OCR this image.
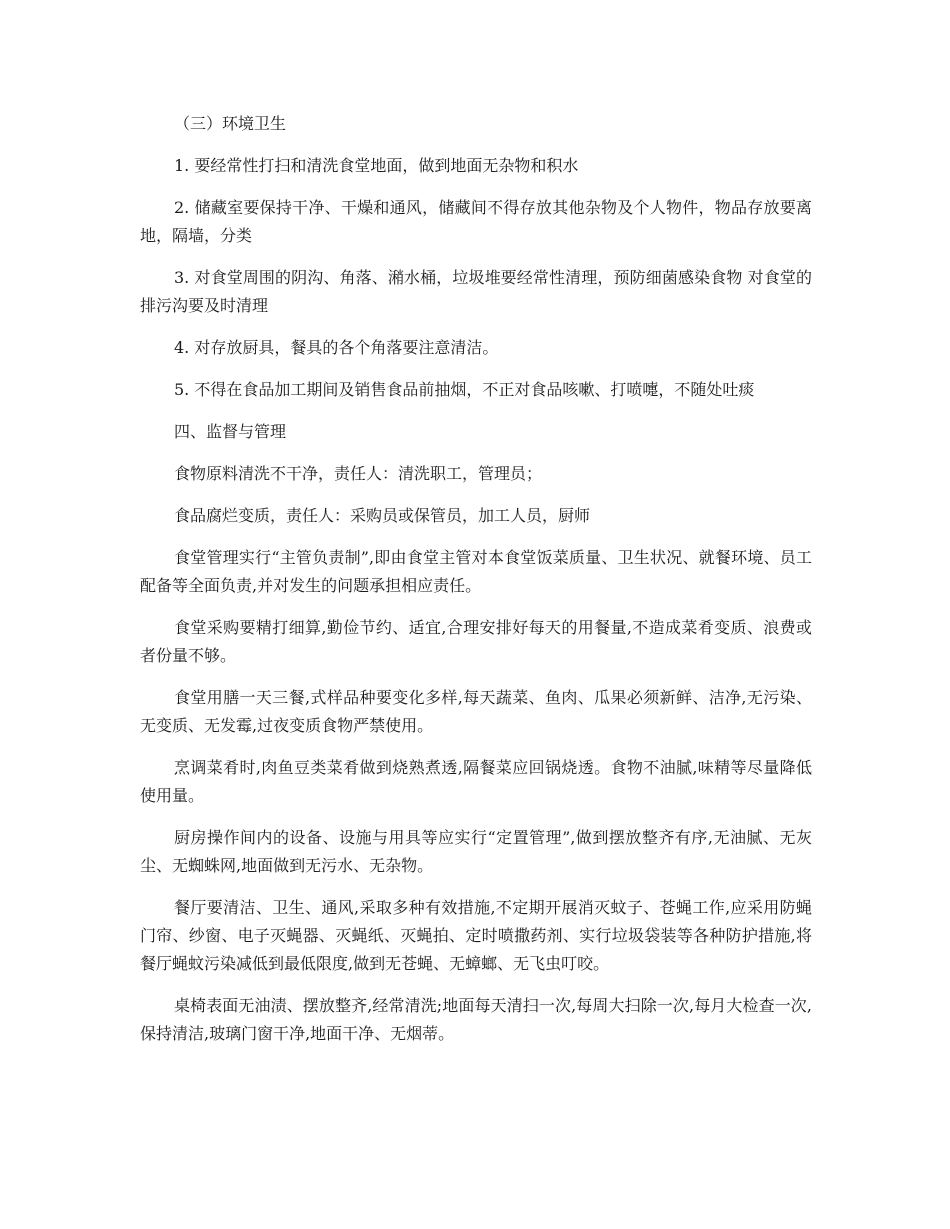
（三）环境卫生

1. 要经常性打扫和清洗食堂地面，做到地面无杂物和积水

2. 储藏室要保持干净、干燥和通风，储藏间不得存放其他杂物及个人物件，物品存放要离地，隔墙，分类

3. 对食堂周围的阴沟、角落、潲水桶，垃圾堆要经常性清理，预防细菌感染食物 对食堂的排污沟要及时清理

4. 对存放厨具，餐具的各个角落要注意清洁。

5. 不得在食品加工期间及销售食品前抽烟，不正对食品咳嗽、打喷嚏，不随处吐痰

四、监督与管理

食物原料清洗不干净，责任人：清洗职工，管理员；

食品腐烂变质，责任人：采购员或保管员，加工人员，厨师

食堂管理实行“主管负责制”,即由食堂主管对本食堂饭菜质量、卫生状况、就餐环境、员工配备等全面负责,并对发生的问题承担相应责任。

食堂采购要精打细算,勤俭节约、适宜,合理安排好每天的用餐量,不造成菜肴变质、浪费或者份量不够。

食堂用膳一天三餐,式样品种要变化多样,每天蔬菜、鱼肉、瓜果必须新鲜、洁净,无污染、无变质、无发霉,过夜变质食物严禁使用。

烹调菜肴时,肉鱼豆类菜肴做到烧熟煮透,隔餐菜应回锅烧透。食物不油腻,味精等尽量降低使用量。

厨房操作间内的设备、设施与用具等应实行“定置管理”,做到摆放整齐有序,无油腻、无灰尘、无蜘蛛网,地面做到无污水、无杂物。

餐厅要清洁、卫生、通风,采取多种有效措施,不定期开展消灭蚊子、苍蝇工作,应采用防蝇门帘、纱窗、电子灭蝇器、灭蝇纸、灭蝇拍、定时喷撒药剂、实行垃圾袋装等各种防护措施,将餐厅蝇蚊污染减低到最低限度,做到无苍蝇、无蟑螂、无飞虫叮咬。

桌椅表面无油渍、摆放整齐,经常清洗;地面每天清扫一次,每周大扫除一次,每月大检查一次,保持清洁,玻璃门窗干净,地面干净、无烟蒂。
